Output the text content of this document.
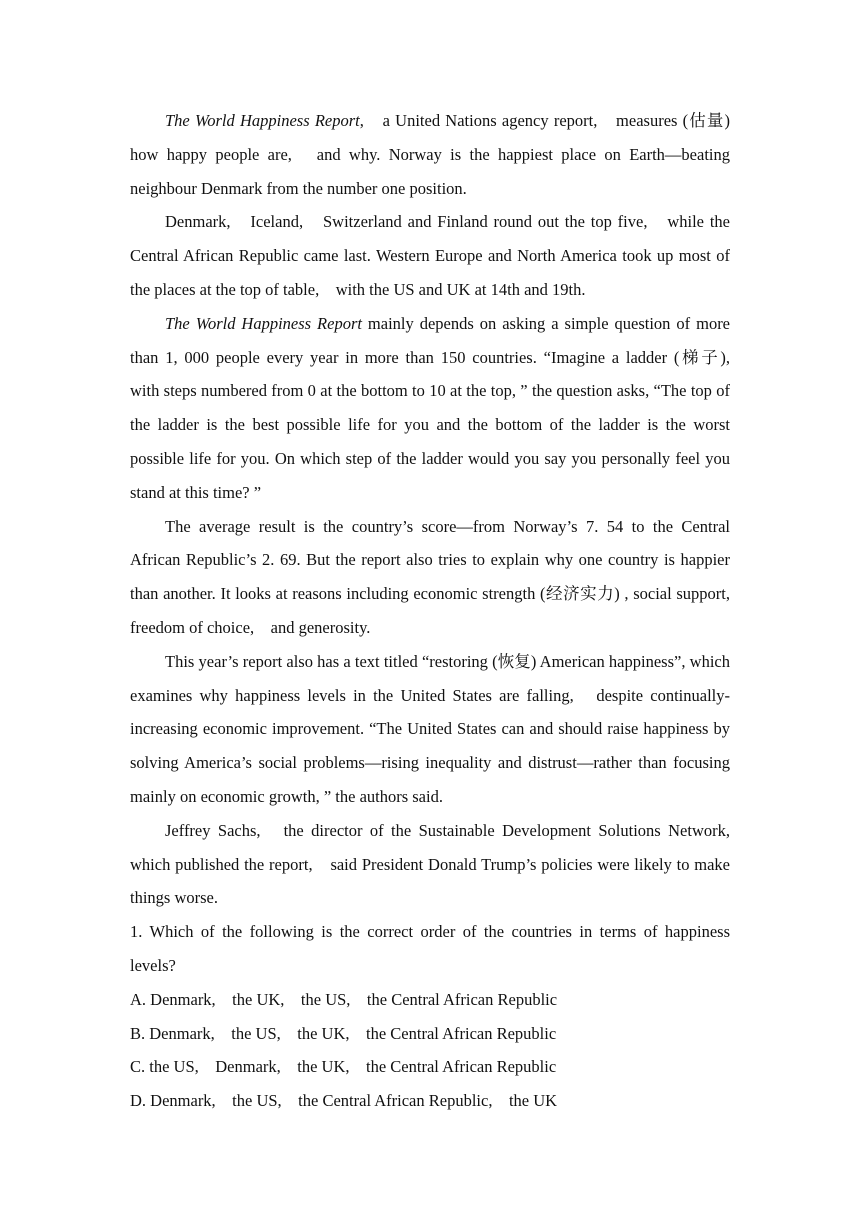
The World Happiness Report,　a United Nations agency report,　measures (估量) how happy people are,　and why. Norway is the happiest place on Earth—beating neighbour Denmark from the number one position.

Denmark,　Iceland,　Switzerland and Finland round out the top five,　while the Central African Republic came last. Western Europe and North America took up most of the places at the top of table,　with the US and UK at 14th and 19th.

The World Happiness Report mainly depends on asking a simple question of more than 1, 000 people every year in more than 150 countries. “Imagine a ladder (梯子),　with steps numbered from 0 at the bottom to 10 at the top, ” the question asks, “The top of the ladder is the best possible life for you and the bottom of the ladder is the worst possible life for you. On which step of the ladder would you say you personally feel you stand at this time? ”

The average result is the country’s score—from Norway’s 7. 54 to the Central African Republic’s 2. 69. But the report also tries to explain why one country is happier than another. It looks at reasons including economic strength (经济实力) , social support,　freedom of choice,　and generosity.

This year’s report also has a text titled “restoring (恢复) American happiness”, which examines why happiness levels in the United States are falling,　despite continually-increasing economic improvement. “The United States can and should raise happiness by solving America’s social problems—rising inequality and distrust—rather than focusing mainly on economic growth, ” the authors said.

Jeffrey Sachs,　the director of the Sustainable Development Solutions Network, which published the report,　said President Donald Trump’s policies were likely to make things worse.

1. Which of the following is the correct order of the countries in terms of happiness levels?

A. Denmark,　the UK,　the US,　the Central African Republic

B. Denmark,　the US,　the UK,　the Central African Republic

C. the US,　Denmark,　the UK,　the Central African Republic

D. Denmark,　the US,　the Central African Republic,　the UK
